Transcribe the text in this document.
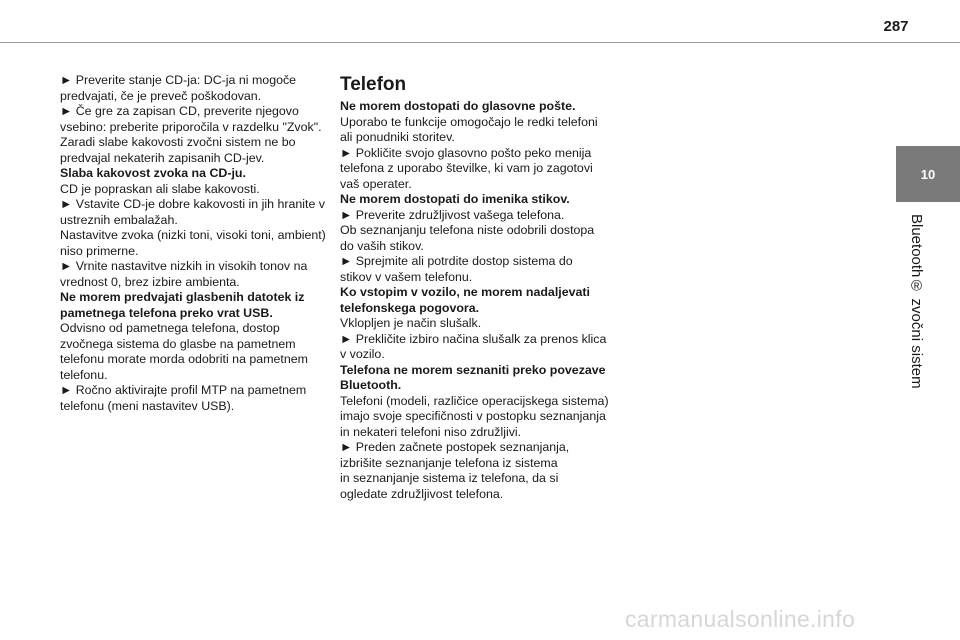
287
10
Bluetooth® zvočni sistem
► Preverite stanje CD-ja: DC-ja ni mogoče
predvajati, če je preveč poškodovan.
► Če gre za zapisan CD, preverite njegovo
vsebino: preberite priporočila v razdelku "Zvok".
Zaradi slabe kakovosti zvočni sistem ne bo
predvajal nekaterih zapisanih CD-jev.
Slaba kakovost zvoka na CD-ju.
CD je popraskan ali slabe kakovosti.
► Vstavite CD-je dobre kakovosti in jih hranite v
ustreznih embalažah.
Nastavitve zvoka (nizki toni, visoki toni, ambient)
niso primerne.
► Vrnite nastavitve nizkih in visokih tonov na
vrednost 0, brez izbire ambienta.
Ne morem predvajati glasbenih datotek iz
pametnega telefona preko vrat USB.
Odvisno od pametnega telefona, dostop
zvočnega sistema do glasbe na pametnem
telefonu morate morda odobriti na pametnem
telefonu.
► Ročno aktivirajte profil MTP na pametnem
telefonu (meni nastavitev USB).
Telefon
Ne morem dostopati do glasovne pošte.
Uporabo te funkcije omogočajo le redki telefoni
ali ponudniki storitev.
► Pokličite svojo glasovno pošto peko menija
telefona z uporabo številke, ki vam jo zagotovi
vaš operater.
Ne morem dostopati do imenika stikov.
► Preverite združljivost vašega telefona.
Ob seznanjanju telefona niste odobrili dostopa
do vaših stikov.
► Sprejmite ali potrdite dostop sistema do
stikov v vašem telefonu.
Ko vstopim v vozilo, ne morem nadaljevati
telefonskega pogovora.
Vklopljen je način slušalk.
► Prekličite izbiro načina slušalk za prenos klica
v vozilo.
Telefona ne morem seznaniti preko povezave
Bluetooth.
Telefoni (modeli, različice operacijskega sistema)
imajo svoje specifičnosti v postopku seznanjanja
in nekateri telefoni niso združljivi.
► Preden začnete postopek seznanjanja,
izbrišite seznanjanje telefona iz sistema
in seznanjanje sistema iz telefona, da si
ogledate združljivost telefona.
carmanualsonline.info
